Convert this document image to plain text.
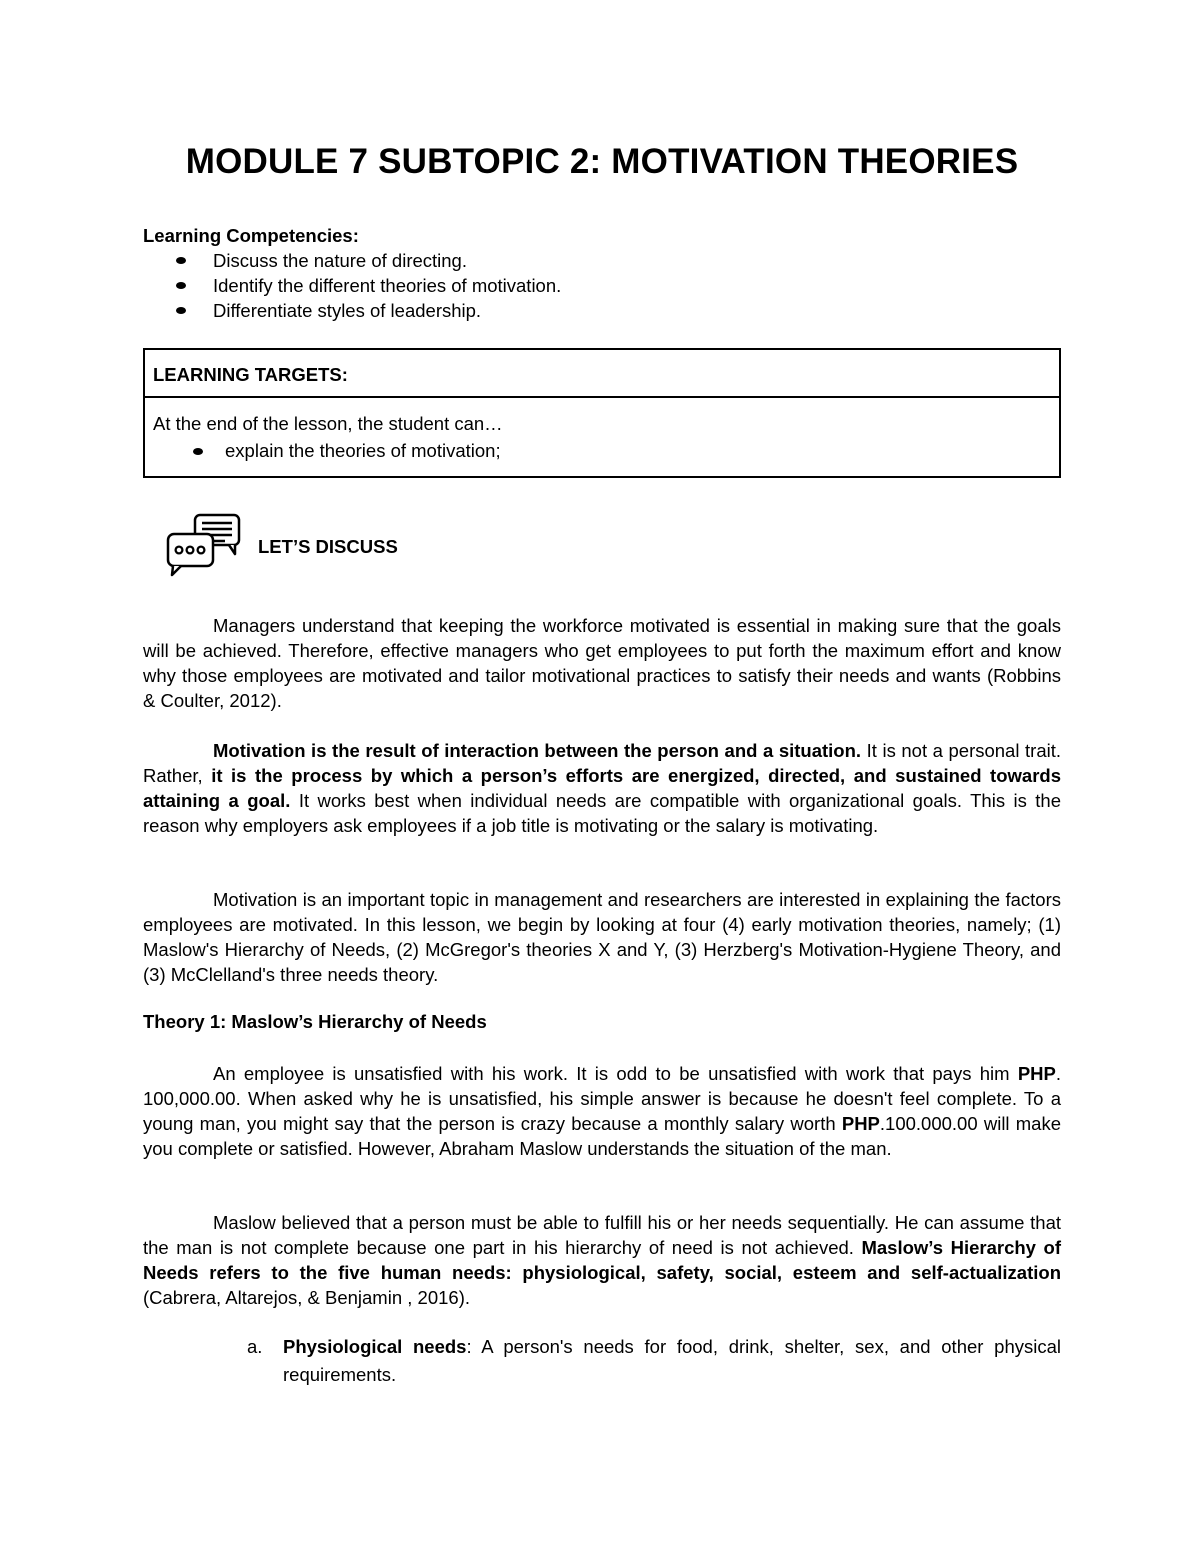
MODULE 7 SUBTOPIC 2: MOTIVATION THEORIES
Learning Competencies:
Discuss the nature of directing.
Identify the different theories of motivation.
Differentiate styles of leadership.
LEARNING TARGETS:
At the end of the lesson, the student can…
explain the theories of motivation;
LET’S DISCUSS

Managers understand that keeping the workforce motivated is essential in making sure that the goals will be achieved. Therefore, effective managers who get employees to put forth the maximum effort and know why those employees are motivated and tailor motivational practices to satisfy their needs and wants (Robbins & Coulter, 2012).

Motivation is the result of interaction between the person and a situation. It is not a personal trait. Rather, it is the process by which a person’s efforts are energized, directed, and sustained towards attaining a goal. It works best when individual needs are compatible with organizational goals. This is the reason why employers ask employees if a job title is motivating or the salary is motivating.

Motivation is an important topic in management and researchers are interested in explaining the factors employees are motivated. In this lesson, we begin by looking at four (4) early motivation theories, namely; (1) Maslow's Hierarchy of Needs, (2) McGregor's theories X and Y, (3) Herzberg's Motivation-Hygiene Theory, and (3) McClelland's three needs theory.

Theory 1: Maslow’s Hierarchy of Needs

An employee is unsatisfied with his work. It is odd to be unsatisfied with work that pays him PHP. 100,000.00. When asked why he is unsatisfied, his simple answer is because he doesn't feel complete. To a young man, you might say that the person is crazy because a monthly salary worth PHP.100.000.00 will make you complete or satisfied. However, Abraham Maslow understands the situation of the man.

Maslow believed that a person must be able to fulfill his or her needs sequentially. He can assume that the man is not complete because one part in his hierarchy of need is not achieved. Maslow’s Hierarchy of Needs refers to the five human needs: physiological, safety, social, esteem and self-actualization (Cabrera, Altarejos, & Benjamin , 2016).

a. Physiological needs: A person's needs for food, drink, shelter, sex, and other physical requirements.
